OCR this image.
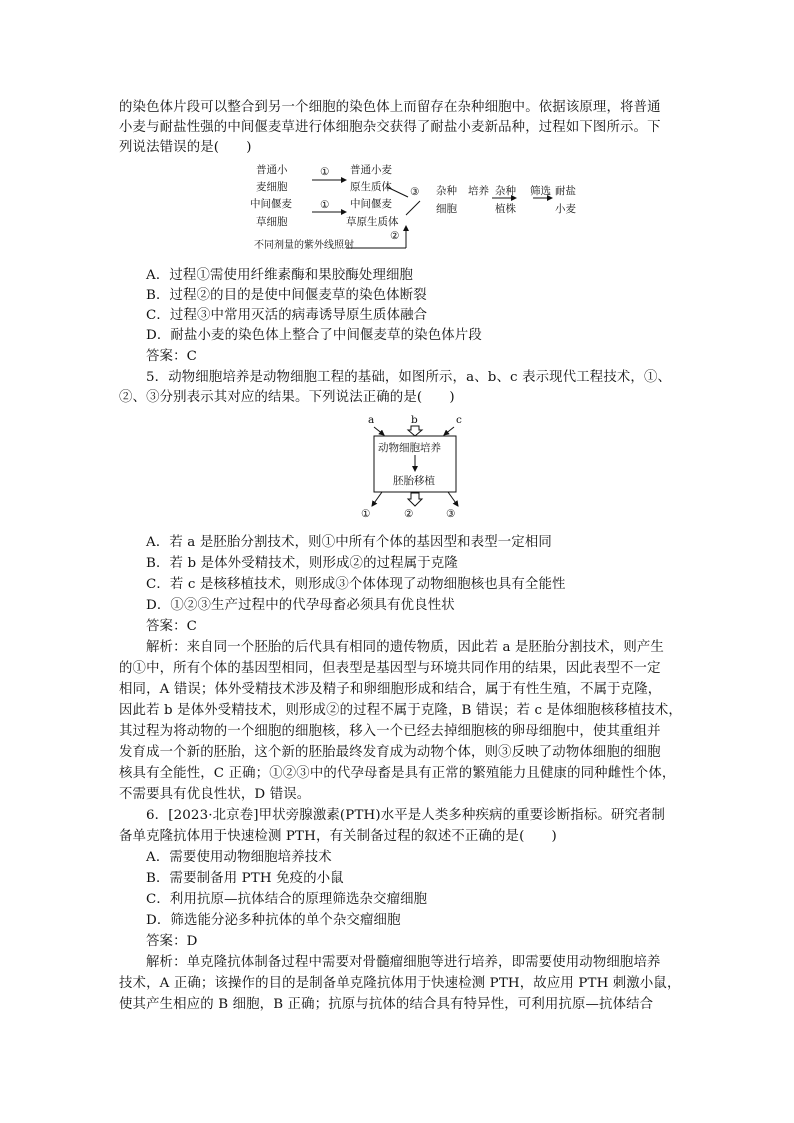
的染色体片段可以整合到另一个细胞的染色体上而留存在杂种细胞中。依据该原理，将普通
小麦与耐盐性强的中间偃麦草进行体细胞杂交获得了耐盐小麦新品种，过程如下图所示。下
列说法错误的是(　　)
普通小
麦细胞
中间偃麦
草细胞
①
①
普通小麦
原生质体
中间偃麦
草原生质体
③ 杂种
细胞
培养 杂种
植株
筛选 耐盐
小麦
不同剂量的紫外线照射
②
A．过程①需使用纤维素酶和果胶酶处理细胞
B．过程②的目的是使中间偃麦草的染色体断裂
C．过程③中常用灭活的病毒诱导原生质体融合
D．耐盐小麦的染色体上整合了中间偃麦草的染色体片段
答案：C
5．动物细胞培养是动物细胞工程的基础，如图所示，a、b、c 表示现代工程技术，①、
②、③分别表示其对应的结果。下列说法正确的是(　　)
a	b	c
动物细胞培养
胚胎移植
①	②	③
A．若 a 是胚胎分割技术，则①中所有个体的基因型和表型一定相同
B．若 b 是体外受精技术，则形成②的过程属于克隆
C．若 c 是核移植技术，则形成③个体体现了动物细胞核也具有全能性
D．①②③生产过程中的代孕母畜必须具有优良性状
答案：C
解析：来自同一个胚胎的后代具有相同的遗传物质，因此若 a 是胚胎分割技术，则产生
的①中，所有个体的基因型相同，但表型是基因型与环境共同作用的结果，因此表型不一定
相同，A 错误；体外受精技术涉及精子和卵细胞形成和结合，属于有性生殖，不属于克隆，
因此若 b 是体外受精技术，则形成②的过程不属于克隆，B 错误；若 c 是体细胞核移植技术，
其过程为将动物的一个细胞的细胞核，移入一个已经去掉细胞核的卵母细胞中，使其重组并
发育成一个新的胚胎，这个新的胚胎最终发育成为动物个体，则③反映了动物体细胞的细胞
核具有全能性，C 正确；①②③中的代孕母畜是具有正常的繁殖能力且健康的同种雌性个体，
不需要具有优良性状，D 错误。
6．[2023·北京卷]甲状旁腺激素(PTH)水平是人类多种疾病的重要诊断指标。研究者制
备单克隆抗体用于快速检测 PTH，有关制备过程的叙述不正确的是(　　)
A．需要使用动物细胞培养技术
B．需要制备用 PTH 免疫的小鼠
C．利用抗原—抗体结合的原理筛选杂交瘤细胞
D．筛选能分泌多种抗体的单个杂交瘤细胞
答案：D
解析：单克隆抗体制备过程中需要对骨髓瘤细胞等进行培养，即需要使用动物细胞培养
技术，A 正确；该操作的目的是制备单克隆抗体用于快速检测 PTH，故应用 PTH 刺激小鼠，
使其产生相应的 B 细胞，B 正确；抗原与抗体的结合具有特异性，可利用抗原—抗体结合
